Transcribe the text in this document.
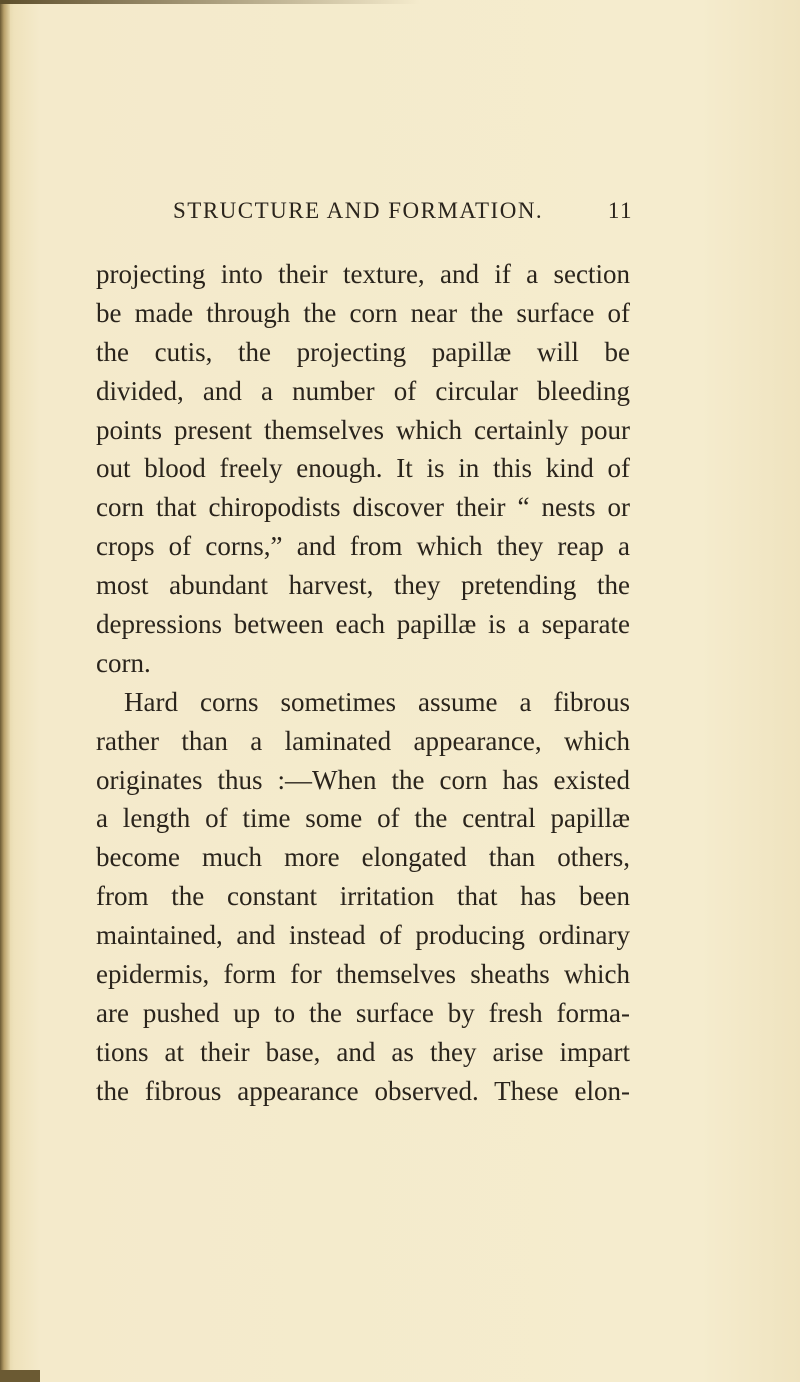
STRUCTURE AND FORMATION.	11
projecting into their texture, and if a section
be made through the corn near the surface of
the cutis, the projecting papillæ will be
divided, and a number of circular bleeding
points present themselves which certainly pour
out blood freely enough. It is in this kind of
corn that chiropodists discover their “ nests or
crops of corns,” and from which they reap a
most abundant harvest, they pretending the
depressions between each papillæ is a separate
corn.
Hard corns sometimes assume a fibrous
rather than a laminated appearance, which
originates thus :—When the corn has existed
a length of time some of the central papillæ
become much more elongated than others,
from the constant irritation that has been
maintained, and instead of producing ordinary
epidermis, form for themselves sheaths which
are pushed up to the surface by fresh forma-
tions at their base, and as they arise impart
the fibrous appearance observed. These elon-
